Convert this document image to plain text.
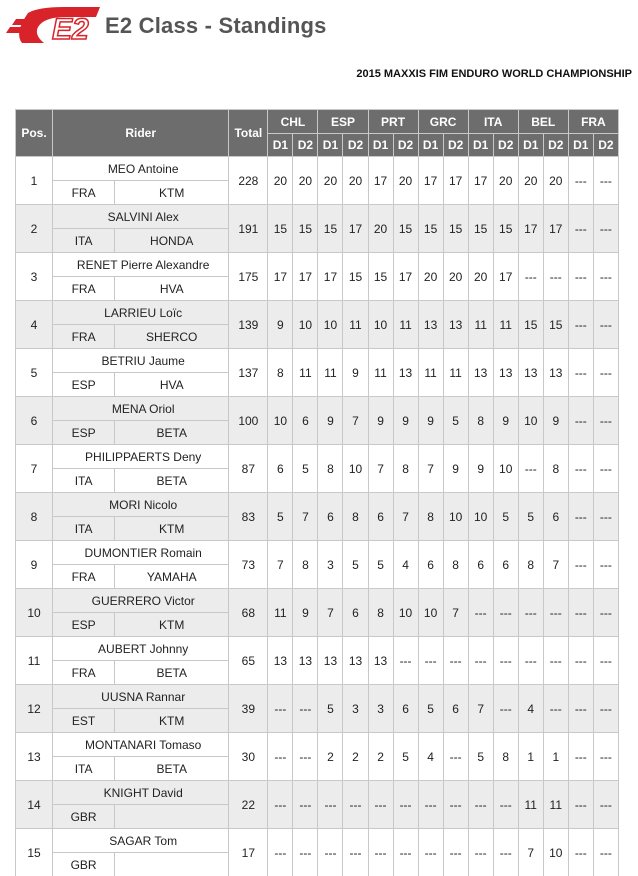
E2 E2 Class - Standings
2015 MAXXIS FIM ENDURO WORLD CHAMPIONSHIP
Pos.	Rider		Total	CHL		ESP		PRT		GRC		ITA		BEL		FRA	
				D1	D2	D1	D2	D1	D2	D1	D2	D1	D2	D1	D2	D1	D2
1	MEO Antoine		228	20	20	20	20	17	20	17	17	17	20	20	20	---	---
	FRA	KTM															
2	SALVINI Alex		191	15	15	15	17	20	15	15	15	15	15	17	17	---	---
	ITA	HONDA															
3	RENET Pierre Alexandre		175	17	17	17	15	15	17	20	20	20	17	---	---	---	---
	FRA	HVA															
4	LARRIEU Loïc		139	9	10	10	11	10	11	13	13	11	11	15	15	---	---
	FRA	SHERCO															
5	BETRIU Jaume		137	8	11	11	9	11	13	11	11	13	13	13	13	---	---
	ESP	HVA															
6	MENA Oriol		100	10	6	9	7	9	9	9	5	8	9	10	9	---	---
	ESP	BETA															
7	PHILIPPAERTS Deny		87	6	5	8	10	7	8	7	9	9	10	---	8	---	---
	ITA	BETA															
8	MORI Nicolo		83	5	7	6	8	6	7	8	10	10	5	5	6	---	---
	ITA	KTM															
9	DUMONTIER Romain		73	7	8	3	5	5	4	6	8	6	6	8	7	---	---
	FRA	YAMAHA															
10	GUERRERO Victor		68	11	9	7	6	8	10	10	7	---	---	---	---	---	---
	ESP	KTM															
11	AUBERT Johnny		65	13	13	13	13	13	---	---	---	---	---	---	---	---	---
	FRA	BETA															
12	UUSNA Rannar		39	---	---	5	3	3	6	5	6	7	---	4	---	---	---
	EST	KTM															
13	MONTANARI Tomaso		30	---	---	2	2	2	5	4	---	5	8	1	1	---	---
	ITA	BETA															
14	KNIGHT David		22	---	---	---	---	---	---	---	---	---	---	11	11	---	---
	GBR																
15	SAGAR Tom		17	---	---	---	---	---	---	---	---	---	---	7	10	---	---
	GBR																
